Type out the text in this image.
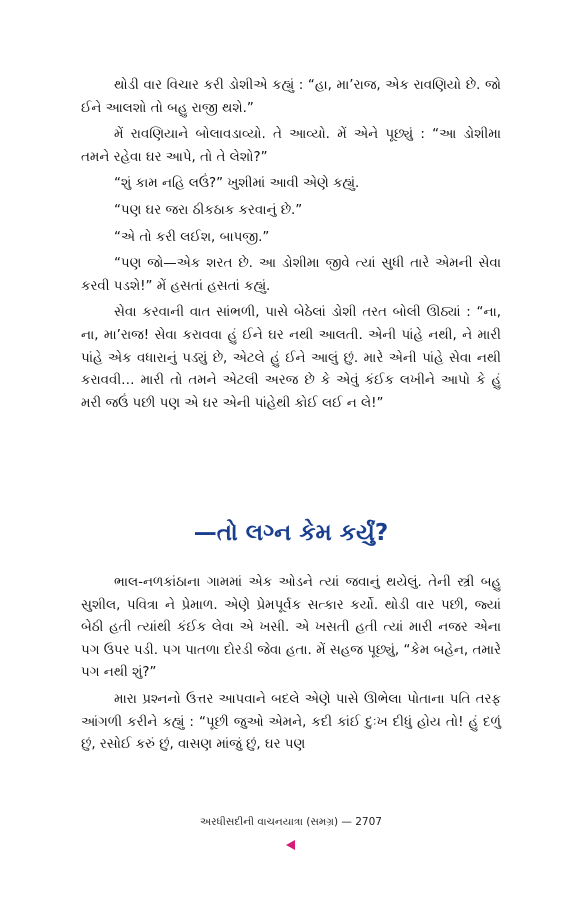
થોડી વાર વિચાર કરી ડોશીએ કહ્યું : “હા, મા’રાજ, એક રાવણિયો છે. જો ઈને આલશો તો બહુ રાજી થશે.”

મેં રાવણિયાને બોલાવડાવ્યો. તે આવ્યો. મેં એને પૂછ્યું : “આ ડોશીમા તમને રહેવા ઘર આપે, તો તે લેશો?”

“શું કામ નહિ લઉં?” ખુશીમાં આવી એણે કહ્યું.

“પણ ઘર જરા ઠીકઠાક કરવાનું છે.”

“એ તો કરી લઈશ, બાપજી.”

“પણ જો—એક શરત છે. આ ડોશીમા જીવે ત્યાં સુધી તારે એમની સેવા કરવી પડશે!” મેં હસતાં હસતાં કહ્યું.

સેવા કરવાની વાત સાંભળી, પાસે બેઠેલાં ડોશી તરત બોલી ઊઠ્યાં : “ના, ના, મા’રાજ! સેવા કરાવવા હું ઈને ઘર નથી આલતી. એની પાંહે નથી, ને મારી પાંહે એક વધારાનું પડ્યું છે, એટલે હું ઈને આલું છું. મારે એની પાંહે સેવા નથી કરાવવી… મારી તો તમને એટલી અરજ છે કે એવું કંઈક લખીને આપો કે હું મરી જઉં પછી પણ એ ઘર એની પાંહેથી કોઈ લઈ ન લે!”

—તો લગ્ન કેમ કર્યું?

ભાલ-નળકાંઠાના ગામમાં એક ઓડને ત્યાં જવાનું થયેલું. તેની સ્ત્રી બહુ સુશીલ, પવિત્રા ને પ્રેમાળ. એણે પ્રેમપૂર્વક સત્કાર કર્યો. થોડી વાર પછી, જ્યાં બેઠી હતી ત્યાંથી કંઈક લેવા એ ખસી. એ ખસતી હતી ત્યાં મારી નજર એના પગ ઉપર પડી. પગ પાતળા દોરડી જેવા હતા. મેં સહજ પૂછ્યું, “કેમ બહેન, તમારે પગ નથી શું?”

મારા પ્રશ્નનો ઉત્તર આપવાને બદલે એણે પાસે ઊભેલા પોતાના પતિ તરફ આંગળી કરીને કહ્યું : “પૂછી જુઓ એમને, કદી કાંઈ દુઃખ દીધું હોય તો! હું દળું છું, રસોઈ કરું છું, વાસણ માંજું છું, ઘર પણ

અરધીસદીની વાચનયાત્રા (સમગ્ર) — 2707
